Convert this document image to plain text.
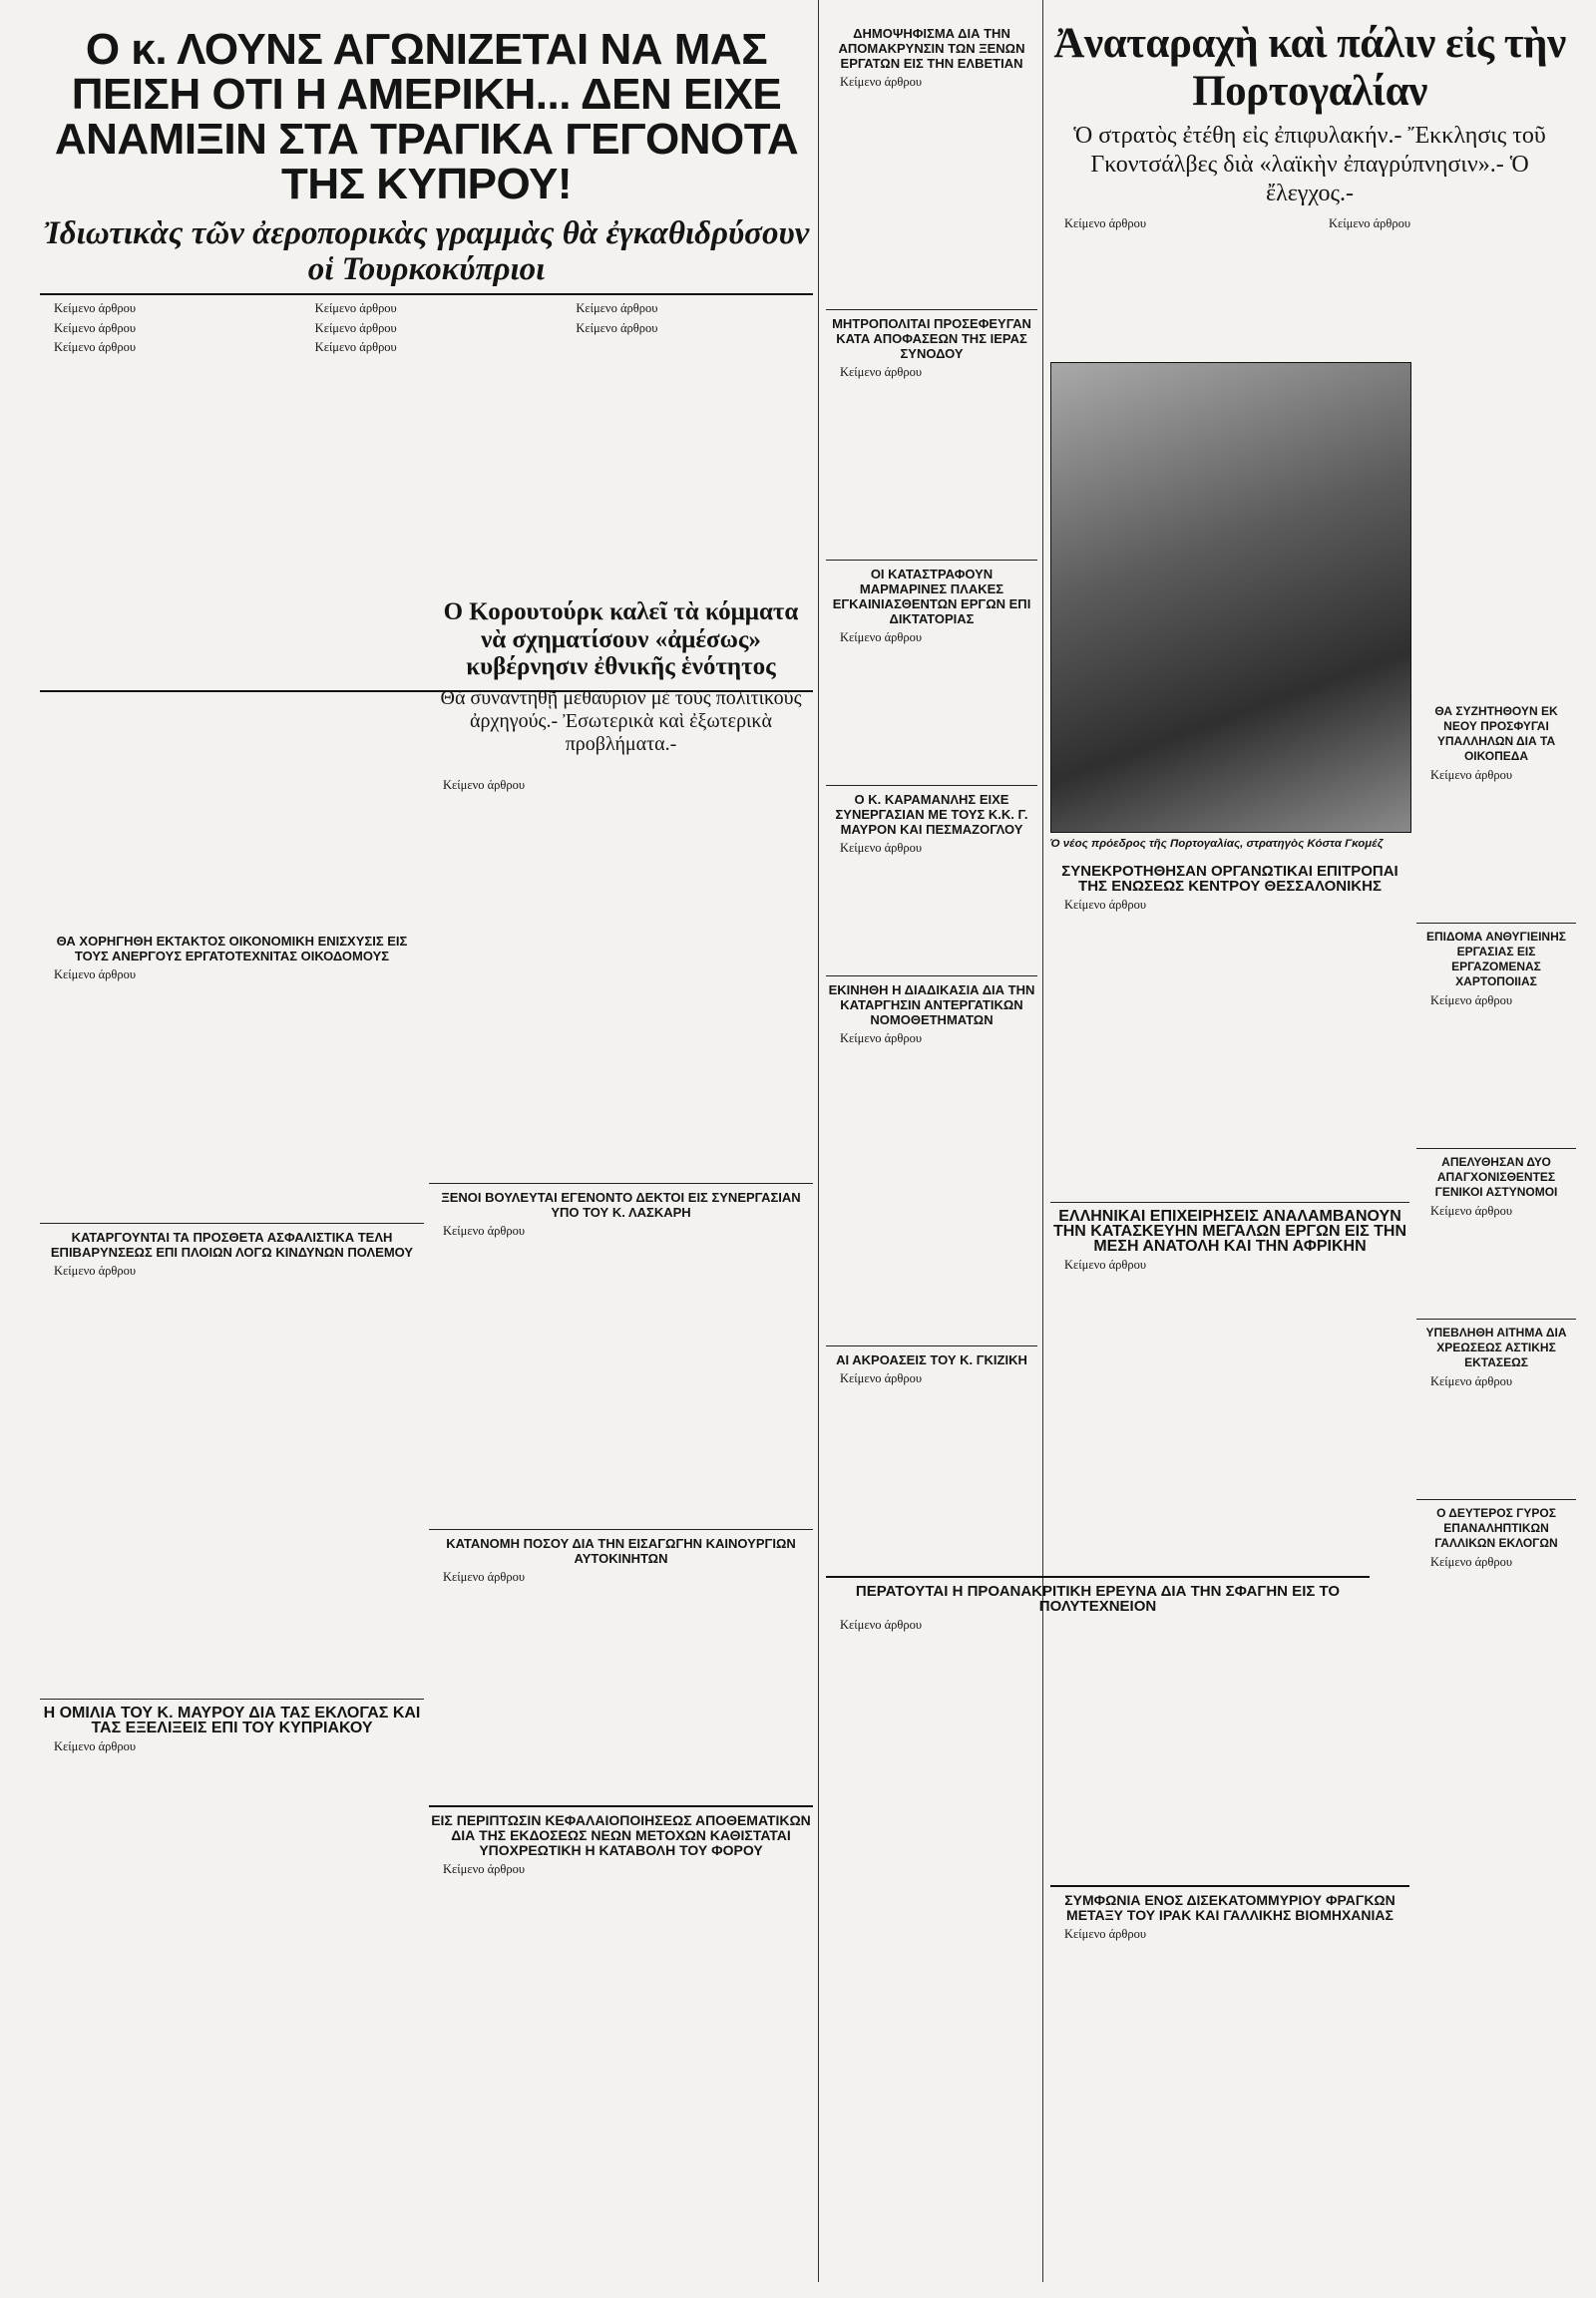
Ο κ. ΛΟΥΝΣ ΑΓΩΝΙΖΕΤΑΙ ΝΑ ΜΑΣ ΠΕΙΣΗ ΟΤΙ Η ΑΜΕΡΙΚΗ... ΔΕΝ ΕΙΧΕ ΑΝΑΜΙΞΙΝ ΣΤΑ ΤΡΑΓΙΚΑ ΓΕΓΟΝΟΤΑ ΤΗΣ ΚΥΠΡΟΥ!
Ἰδιωτικὰς τῶν ἀεροπορικὰς γραμμὰς θὰ ἐγκαθιδρύσουν οἱ Τουρκοκύπριοι

Κείμενο άρθρου

Κείμενο άρθρου

Κείμενο άρθρου

Κείμενο άρθρου

Κείμενο άρθρου

Κείμενο άρθρου

Κείμενο άρθρου

Κείμενο άρθρου

Ο Κορουτούρκ καλεῖ τὰ κόμματα νὰ σχηματίσουν «ἀμέσως» κυβέρνησιν ἐθνικῆς ἑνότητος
Θὰ συναντηθῇ μεθαύριον μὲ τοὺς πολιτικοὺς ἀρχηγούς.- Ἐσωτερικὰ καὶ ἐξωτερικὰ προβλήματα.-
ΘΑ ΧΟΡΗΓΗΘΗ ΕΚΤΑΚΤΟΣ ΟΙΚΟΝΟΜΙΚΗ ΕΝΙΣΧΥΣΙΣ ΕΙΣ ΤΟΥΣ ΑΝΕΡΓΟΥΣ ΕΡΓΑΤΟΤΕΧΝΙΤΑΣ ΟΙΚΟΔΟΜΟΥΣ

Κείμενο άρθρου

ΚΑΤΑΡΓΟΥΝΤΑΙ ΤΑ ΠΡΟΣΘΕΤΑ ΑΣΦΑΛΙΣΤΙΚΑ ΤΕΛΗ ΕΠΙΒΑΡΥΝΣΕΩΣ ΕΠΙ ΠΛΟΙΩΝ ΛΟΓΩ ΚΙΝΔΥΝΩΝ ΠΟΛΕΜΟΥ

Κείμενο άρθρου

Η ΟΜΙΛΙΑ ΤΟΥ Κ. ΜΑΥΡΟΥ ΔΙΑ ΤΑΣ ΕΚΛΟΓΑΣ ΚΑΙ ΤΑΣ ΕΞΕΛΙΞΕΙΣ ΕΠΙ ΤΟΥ ΚΥΠΡΙΑΚΟΥ

Κείμενο άρθρου

Κείμενο άρθρου

ΞΕΝΟΙ ΒΟΥΛΕΥΤΑΙ ΕΓΕΝΟΝΤΟ ΔΕΚΤΟΙ ΕΙΣ ΣΥΝΕΡΓΑΣΙΑΝ ΥΠΟ ΤΟΥ Κ. ΛΑΣΚΑΡΗ

Κείμενο άρθρου

ΚΑΤΑΝΟΜΗ ΠΟΣΟΥ ΔΙΑ ΤΗΝ ΕΙΣΑΓΩΓΗΝ ΚΑΙΝΟΥΡΓΙΩΝ ΑΥΤΟΚΙΝΗΤΩΝ

Κείμενο άρθρου

ΕΙΣ ΠΕΡΙΠΤΩΣΙΝ ΚΕΦΑΛΑΙΟΠΟΙΗΣΕΩΣ ΑΠΟΘΕΜΑΤΙΚΩΝ ΔΙΑ ΤΗΣ ΕΚΔΟΣΕΩΣ ΝΕΩΝ ΜΕΤΟΧΩΝ ΚΑΘΙΣΤΑΤΑΙ ΥΠΟΧΡΕΩΤΙΚΗ Η ΚΑΤΑΒΟΛΗ ΤΟΥ ΦΟΡΟΥ

Κείμενο άρθρου

ΔΗΜΟΨΗΦΙΣΜΑ ΔΙΑ ΤΗΝ ΑΠΟΜΑΚΡΥΝΣΙΝ ΤΩΝ ΞΕΝΩΝ ΕΡΓΑΤΩΝ ΕΙΣ ΤΗΝ ΕΛΒΕΤΙΑΝ

Κείμενο άρθρου

ΜΗΤΡΟΠΟΛΙΤΑΙ ΠΡΟΣΕΦΕΥΓΑΝ ΚΑΤΑ ΑΠΟΦΑΣΕΩΝ ΤΗΣ ΙΕΡΑΣ ΣΥΝΟΔΟΥ

Κείμενο άρθρου

ΟΙ ΚΑΤΑΣΤΡΑΦΟΥΝ ΜΑΡΜΑΡΙΝΕΣ ΠΛΑΚΕΣ ΕΓΚΑΙΝΙΑΣΘΕΝΤΩΝ ΕΡΓΩΝ ΕΠΙ ΔΙΚΤΑΤΟΡΙΑΣ

Κείμενο άρθρου

Ο Κ. ΚΑΡΑΜΑΝΛΗΣ ΕΙΧΕ ΣΥΝΕΡΓΑΣΙΑΝ ΜΕ ΤΟΥΣ Κ.Κ. Γ. ΜΑΥΡΟΝ ΚΑΙ ΠΕΣΜΑΖΟΓΛΟΥ

Κείμενο άρθρου

ΕΚΙΝΗΘΗ Η ΔΙΑΔΙΚΑΣΙΑ ΔΙΑ ΤΗΝ ΚΑΤΑΡΓΗΣΙΝ ΑΝΤΕΡΓΑΤΙΚΩΝ ΝΟΜΟΘΕΤΗΜΑΤΩΝ

Κείμενο άρθρου

ΑΙ ΑΚΡΟΑΣΕΙΣ ΤΟΥ Κ. ΓΚΙΖΙΚΗ

Κείμενο άρθρου

ΠΕΡΑΤΟΥΤΑΙ Η ΠΡΟΑΝΑΚΡΙΤΙΚΗ ΕΡΕΥΝΑ ΔΙΑ ΤΗΝ ΣΦΑΓΗΝ ΕΙΣ ΤΟ ΠΟΛΥΤΕΧΝΕΙΟΝ

Κείμενο άρθρου

Ἀναταραχὴ καὶ πάλιν εἰς τὴν Πορτογαλίαν
Ὁ στρατὸς ἐτέθη εἰς ἐπιφυλακήν.- Ἔκκλησις τοῦ Γκοντσάλβες διὰ «λαϊκὴν ἐπαγρύπνησιν».- Ὁ ἔλεγχος.-

Κείμενο άρθρου	Κείμενο άρθρου

Ὁ νέος πρόεδρος τῆς Πορτογαλίας, στρατηγὸς Κόστα Γκομέζ
ΣΥΝΕΚΡΟΤΗΘΗΣΑΝ ΟΡΓΑΝΩΤΙΚΑΙ ΕΠΙΤΡΟΠΑΙ ΤΗΣ ΕΝΩΣΕΩΣ ΚΕΝΤΡΟΥ ΘΕΣΣΑΛΟΝΙΚΗΣ

Κείμενο άρθρου

ΕΛΛΗΝΙΚΑΙ ΕΠΙΧΕΙΡΗΣΕΙΣ ΑΝΑΛΑΜΒΑΝΟΥΝ ΤΗΝ ΚΑΤΑΣΚΕΥΗΝ ΜΕΓΑΛΩΝ ΕΡΓΩΝ ΕΙΣ ΤΗΝ ΜΕΣΗ ΑΝΑΤΟΛΗ ΚΑΙ ΤΗΝ ΑΦΡΙΚΗΝ

Κείμενο άρθρου

ΘΑ ΣΥΖΗΤΗΘΟΥΝ ΕΚ ΝΕΟΥ ΠΡΟΣΦΥΓΑΙ ΥΠΑΛΛΗΛΩΝ ΔΙΑ ΤΑ ΟΙΚΟΠΕΔΑ

Κείμενο άρθρου

ΕΠΙΔΟΜΑ ΑΝΘΥΓΙΕΙΝΗΣ ΕΡΓΑΣΙΑΣ ΕΙΣ ΕΡΓΑΖΟΜΕΝΑΣ ΧΑΡΤΟΠΟΙΙΑΣ

Κείμενο άρθρου

ΑΠΕΛΥΘΗΣΑΝ ΔΥΟ ΑΠΑΓΧΟΝΙΣΘΕΝΤΕΣ ΓΕΝΙΚΟΙ ΑΣΤΥΝΟΜΟΙ

Κείμενο άρθρου

ΥΠΕΒΛΗΘΗ ΑΙΤΗΜΑ ΔΙΑ ΧΡΕΩΣΕΩΣ ΑΣΤΙΚΗΣ ΕΚΤΑΣΕΩΣ

Κείμενο άρθρου

Ο ΔΕΥΤΕΡΟΣ ΓΥΡΟΣ ΕΠΑΝΑΛΗΠΤΙΚΩΝ ΓΑΛΛΙΚΩΝ ΕΚΛΟΓΩΝ

Κείμενο άρθρου

ΣΥΜΦΩΝΙΑ ΕΝΟΣ ΔΙΣΕΚΑΤΟΜΜΥΡΙΟΥ ΦΡΑΓΚΩΝ ΜΕΤΑΞΥ ΤΟΥ ΙΡΑΚ ΚΑΙ ΓΑΛΛΙΚΗΣ ΒΙΟΜΗΧΑΝΙΑΣ

Κείμενο άρθρου
